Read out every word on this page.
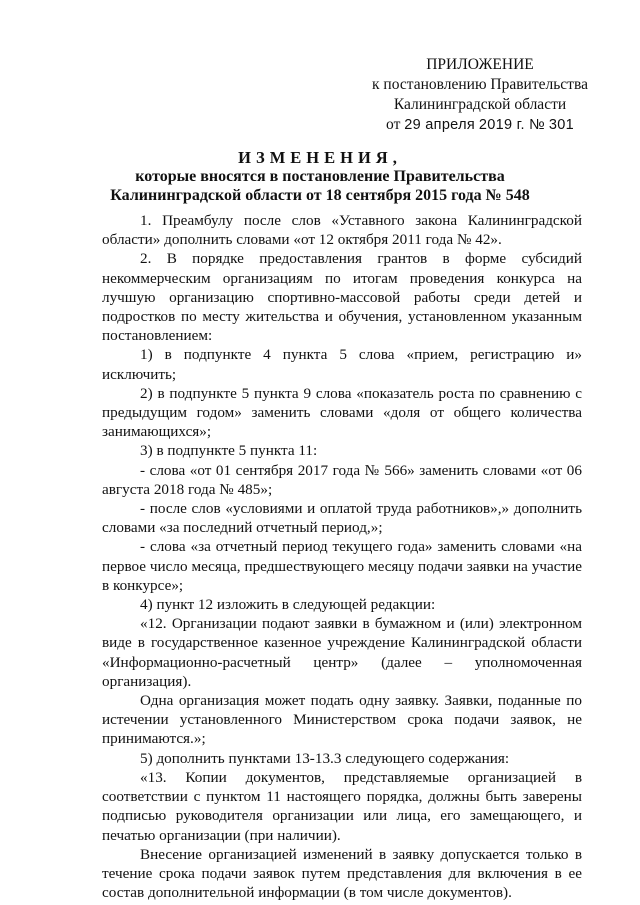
ПРИЛОЖЕНИЕ
к постановлению Правительства
Калининградской области
от 29 апреля 2019 г. № 301
ИЗМЕНЕНИЯ,
которые вносятся в постановление Правительства
Калининградской области от 18 сентября 2015 года № 548

1. Преамбулу после слов «Уставного закона Калининградской области» дополнить словами «от 12 октября 2011 года № 42».

2. В порядке предоставления грантов в форме субсидий некоммерческим организациям по итогам проведения конкурса на лучшую организацию спортивно-массовой работы среди детей и подростков по месту жительства и обучения, установленном указанным постановлением:

1) в подпункте 4 пункта 5 слова «прием, регистрацию и» исключить;

2) в подпункте 5 пункта 9 слова «показатель роста по сравнению с предыдущим годом» заменить словами «доля от общего количества занимающихся»;

3) в подпункте 5 пункта 11:

- слова «от 01 сентября 2017 года № 566» заменить словами «от 06 августа 2018 года № 485»;

- после слов «условиями и оплатой труда работников»,» дополнить словами «за последний отчетный период,»;

- слова «за отчетный период текущего года» заменить словами «на первое число месяца, предшествующего месяцу подачи заявки на участие в конкурсе»;

4) пункт 12 изложить в следующей редакции:

«12. Организации подают заявки в бумажном и (или) электронном виде в государственное казенное учреждение Калининградской области «Информационно-расчетный центр» (далее – уполномоченная организация).

Одна организация может подать одну заявку. Заявки, поданные по истечении установленного Министерством срока подачи заявок, не принимаются.»;

5) дополнить пунктами 13-13.3 следующего содержания:

«13. Копии документов, представляемые организацией в соответствии с пунктом 11 настоящего порядка, должны быть заверены подписью руководителя организации или лица, его замещающего, и печатью организации (при наличии).

Внесение организацией изменений в заявку допускается только в течение срока подачи заявок путем представления для включения в ее состав дополнительной информации (в том числе документов).
